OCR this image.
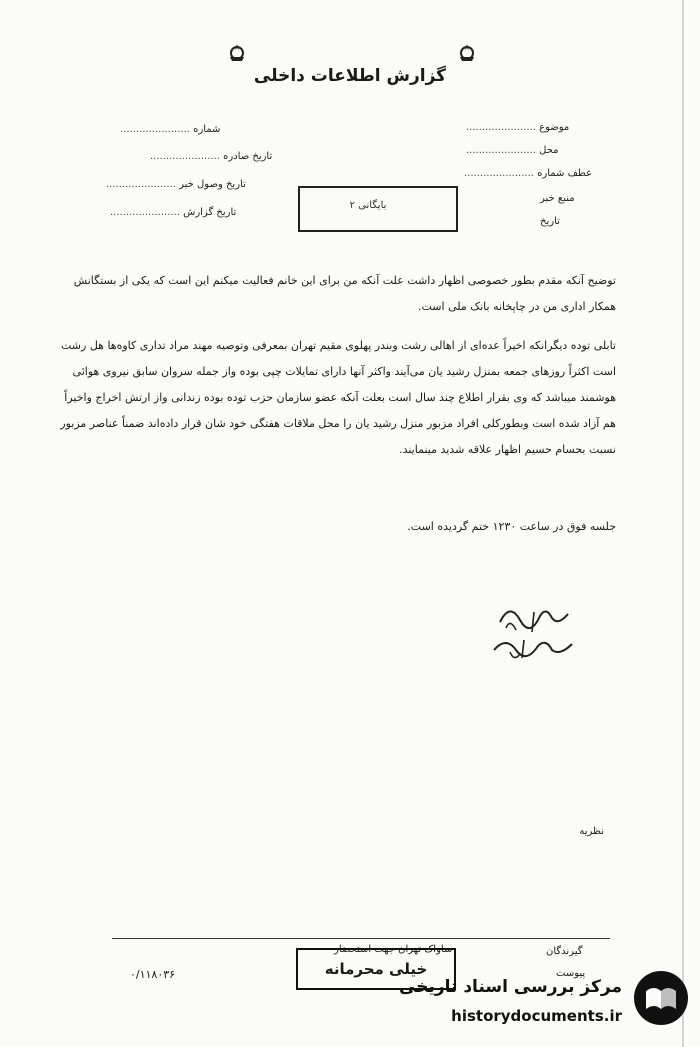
گزارش اطلاعات داخلی
شماره ......................
تاریخ صادره ......................
تاریخ وصول خبر ......................
تاریخ گزارش ......................
موضوع ......................
محل ......................
عطف شماره ......................
منبع خبر
تاریخ
بایگانی ۲
توضیح آنکه مقدم بطور خصوصی اظهار داشت علت آنکه من برای این خانم فعالیت میکنم این است که یکی از بستگانش همکار اداری من در چاپخانه بانک ملی است.
تابلی توده دیگرانکه اخیراً عده‌ای از اهالی رشت وبندر پهلوی مقیم تهران بمعرفی وتوصیه مهند مراد تداری کاوه‌ها هل رشت است اکثراً روزهای جمعه بمنزل رشید یان می‌آیند واکثر آنها دارای تمایلات چپی بوده واز جمله سروان سابق نیروی هوائی هوشمند میباشد که وی بقرار اطلاع چند سال است بعلت آنکه عضو سازمان حزب توده بوده زندانی واز ارتش اخراج واخیراً هم آزاد شده است وبطورکلی افراد مزبور منزل رشید یان را محل ملاقات هفتگی خود شان قرار داده‌اند ضمناً عناصر مزبور نسبت بحسام حسیم اظهار علاقه شدید مینمایند.
جلسه فوق در ساعت ۱۲۳۰ ختم گردیده است.
نظریه
گیرندگان
ساواک تهران جهت استحضار
پیوست
خیلی محرمانه
۰/۱۱۸۰۳۶
مرکز بررسی اسناد تاریخی
historydocuments.ir
